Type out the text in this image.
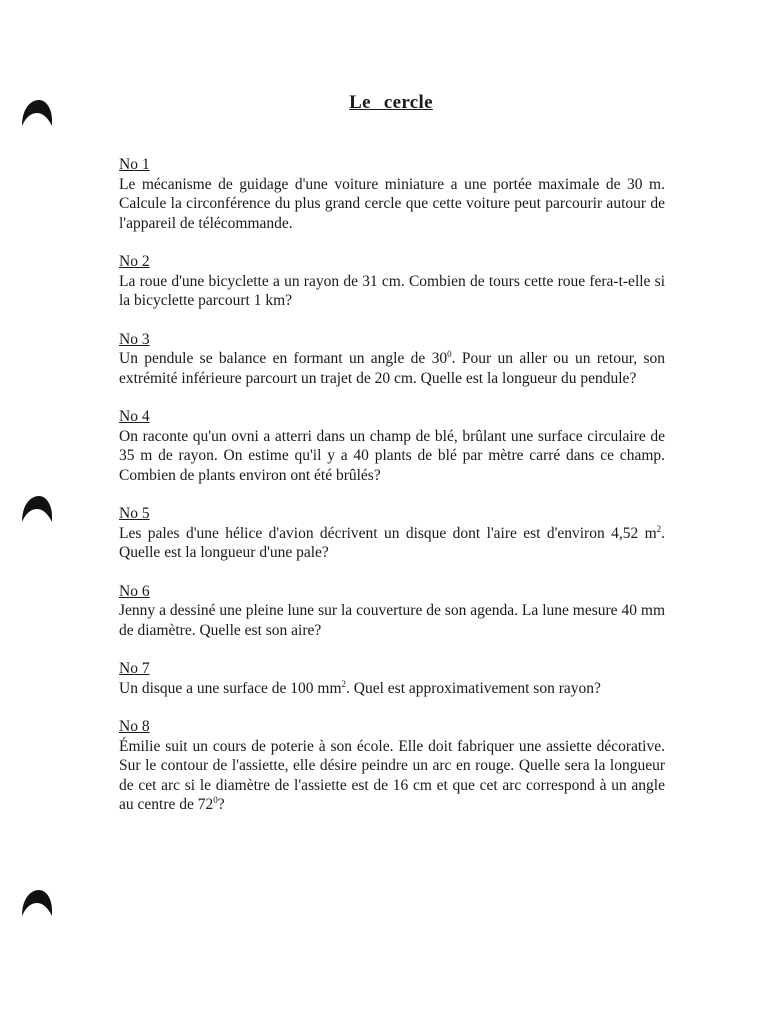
Le cercle
No 1

Le mécanisme de guidage d'une voiture miniature a une portée maximale de 30 m. Calcule la circonférence du plus grand cercle que cette voiture peut parcourir autour de l'appareil de télécommande.

No 2

La roue d'une bicyclette a un rayon de 31 cm. Combien de tours cette roue fera-t-elle si la bicyclette parcourt 1 km?

No 3

Un pendule se balance en formant un angle de $30^0$. Pour un aller ou un retour, son extrémité inférieure parcourt un trajet de 20 cm. Quelle est la longueur du pendule?

No 4

On raconte qu'un ovni a atterri dans un champ de blé, brûlant une surface circulaire de 35 m de rayon. On estime qu'il y a 40 plants de blé par mètre carré dans ce champ. Combien de plants environ ont été brûlés?

No 5

Les pales d'une hélice d'avion décrivent un disque dont l'aire est d'environ 4,52 $m^2$. Quelle est la longueur d'une pale?

No 6

Jenny a dessiné une pleine lune sur la couverture de son agenda. La lune mesure 40 mm de diamètre. Quelle est son aire?

No 7

Un disque a une surface de 100 $mm^2$. Quel est approximativement son rayon?

No 8

Émilie suit un cours de poterie à son école. Elle doit fabriquer une assiette décorative. Sur le contour de l'assiette, elle désire peindre un arc en rouge. Quelle sera la longueur de cet arc si le diamètre de l'assiette est de 16 cm et que cet arc correspond à un angle au centre de $72^0$?
